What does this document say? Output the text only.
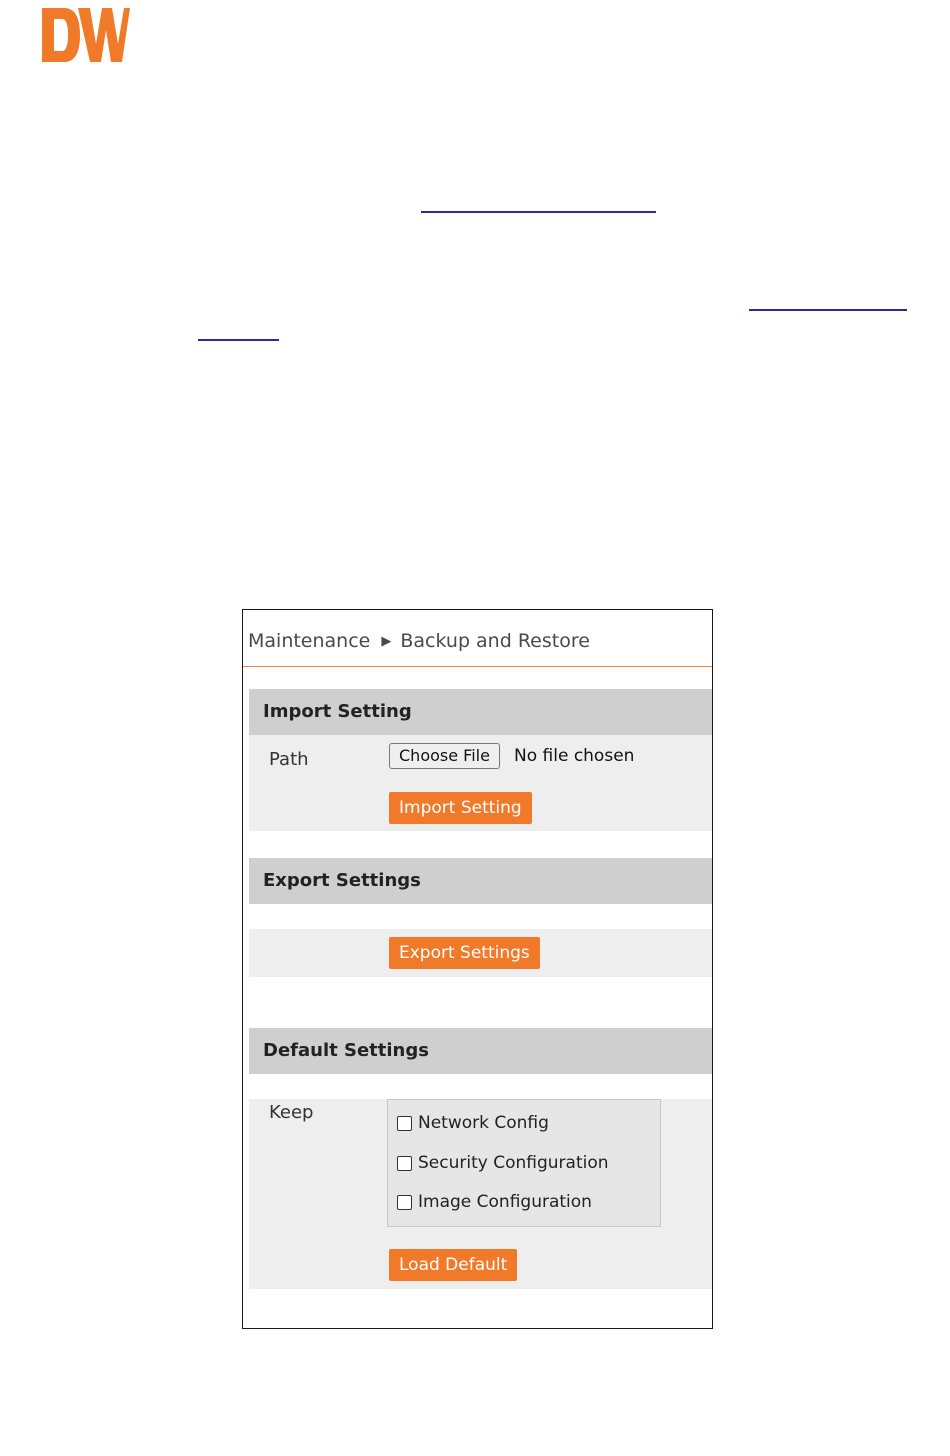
Maintenance ▶ Backup and Restore
Import Setting
Path	Choose File	No file chosen
Import Setting
Export Settings
Export Settings
Default Settings
Keep	Network Config
Security Configuration
Image Configuration
Load Default
